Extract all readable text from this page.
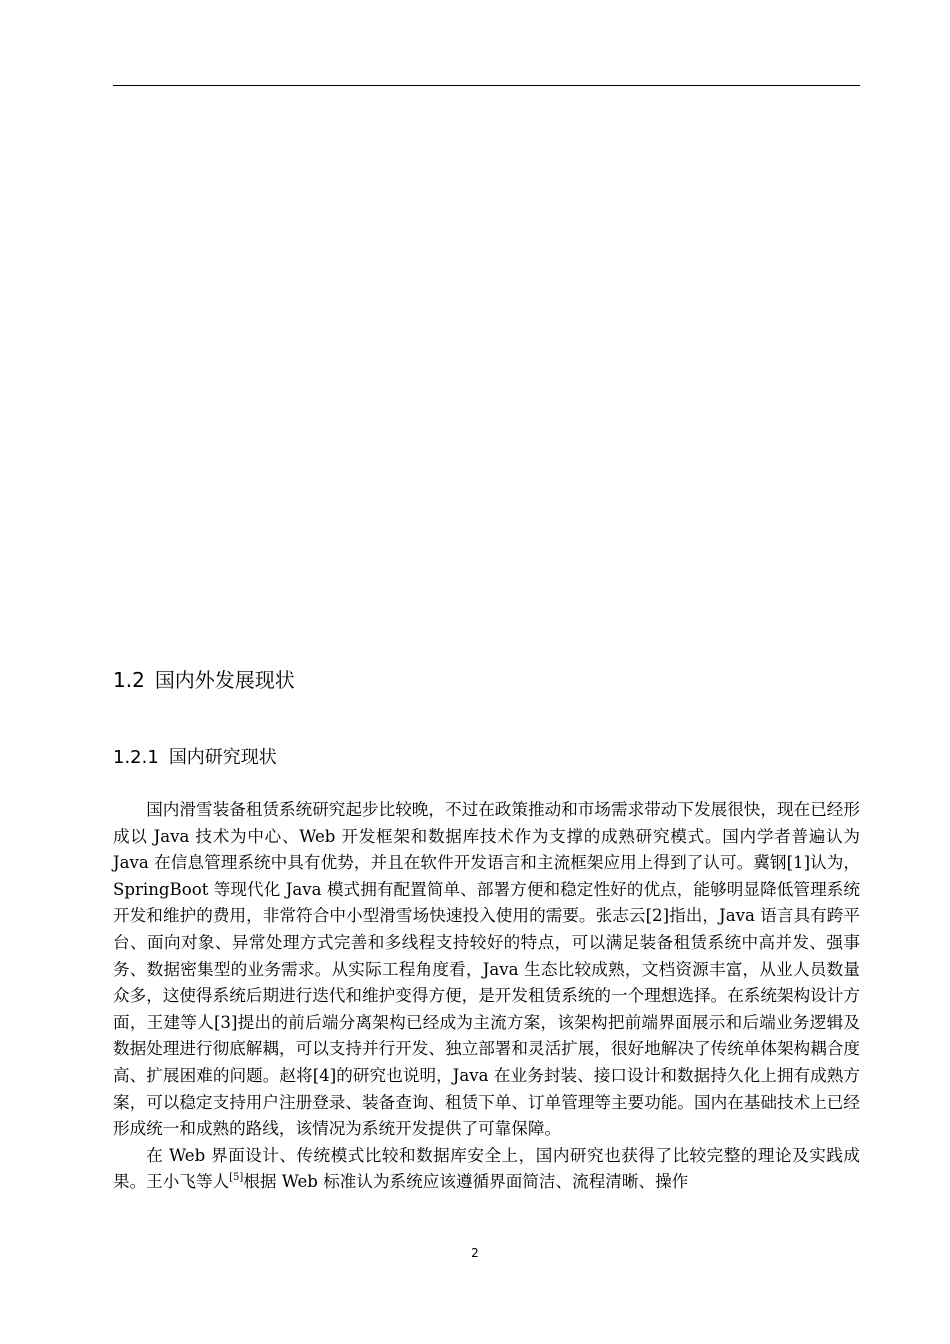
1.2 国内外发展现状
1.2.1 国内研究现状

国内滑雪装备租赁系统研究起步比较晚，不过在政策推动和市场需求带动下发展很快，现在已经形成以 Java 技术为中心、Web 开发框架和数据库技术作为支撑的成熟研究模式。国内学者普遍认为 Java 在信息管理系统中具有优势，并且在软件开发语言和主流框架应用上得到了认可。冀钢[1]认为，SpringBoot 等现代化 Java 模式拥有配置简单、部署方便和稳定性好的优点，能够明显降低管理系统开发和维护的费用，非常符合中小型滑雪场快速投入使用的需要。张志云[2]指出，Java 语言具有跨平台、面向对象、异常处理方式完善和多线程支持较好的特点，可以满足装备租赁系统中高并发、强事务、数据密集型的业务需求。从实际工程角度看，Java 生态比较成熟，文档资源丰富，从业人员数量众多，这使得系统后期进行迭代和维护变得方便，是开发租赁系统的一个理想选择。在系统架构设计方面，王建等人[3]提出的前后端分离架构已经成为主流方案，该架构把前端界面展示和后端业务逻辑及数据处理进行彻底解耦，可以支持并行开发、独立部署和灵活扩展，很好地解决了传统单体架构耦合度高、扩展困难的问题。赵将[4]的研究也说明，Java 在业务封装、接口设计和数据持久化上拥有成熟方案，可以稳定支持用户注册登录、装备查询、租赁下单、订单管理等主要功能。国内在基础技术上已经形成统一和成熟的路线，该情况为系统开发提供了可靠保障。

在 Web 界面设计、传统模式比较和数据库安全上，国内研究也获得了比较完整的理论及实践成果。王小飞等人[5]根据 Web 标准认为系统应该遵循界面简洁、流程清晰、操作

2
